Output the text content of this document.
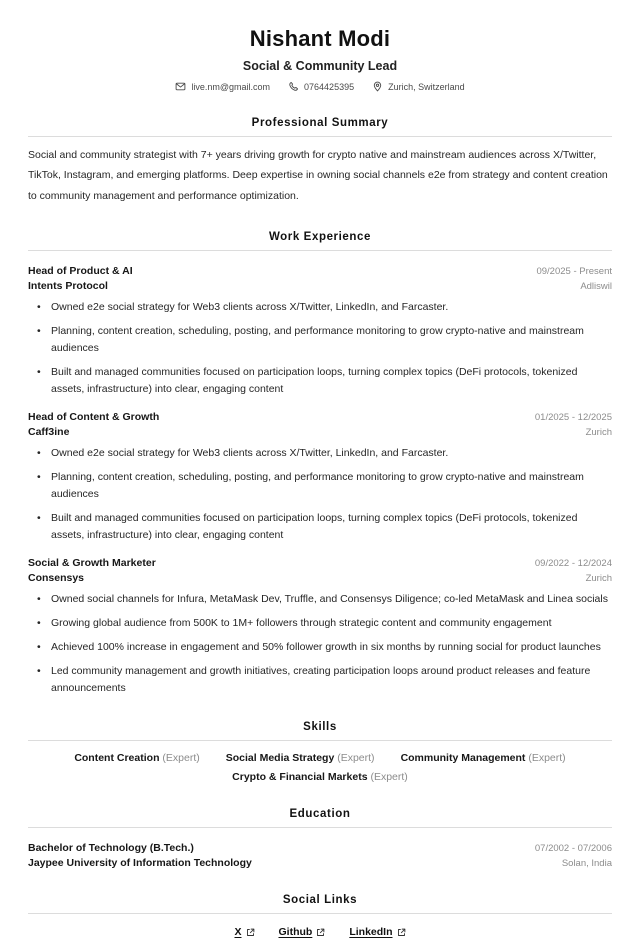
Nishant Modi
Social & Community Lead
live.nm@gmail.com	0764425395	Zurich, Switzerland
Professional Summary

Social and community strategist with 7+ years driving growth for crypto native and mainstream audiences across X/Twitter, TikTok, Instagram, and emerging platforms. Deep expertise in owning social channels e2e from strategy and content creation to community management and performance optimization.

Work Experience
Head of Product & AI	09/2025 - Present
Intents Protocol	Adliswil
• Owned e2e social strategy for Web3 clients across X/Twitter, LinkedIn, and Farcaster.
• Planning, content creation, scheduling, posting, and performance monitoring to grow crypto-native and mainstream audiences
• Built and managed communities focused on participation loops, turning complex topics (DeFi protocols, tokenized assets, infrastructure) into clear, engaging content
Head of Content & Growth	01/2025 - 12/2025
Caff3ine	Zurich
• Owned e2e social strategy for Web3 clients across X/Twitter, LinkedIn, and Farcaster.
• Planning, content creation, scheduling, posting, and performance monitoring to grow crypto-native and mainstream audiences
• Built and managed communities focused on participation loops, turning complex topics (DeFi protocols, tokenized assets, infrastructure) into clear, engaging content
Social & Growth Marketer	09/2022 - 12/2024
Consensys	Zurich
• Owned social channels for Infura, MetaMask Dev, Truffle, and Consensys Diligence; co-led MetaMask and Linea socials
• Growing global audience from 500K to 1M+ followers through strategic content and community engagement
• Achieved 100% increase in engagement and 50% follower growth in six months by running social for product launches
• Led community management and growth initiatives, creating participation loops around product releases and feature announcements
Skills
Content Creation (Expert) Social Media Strategy (Expert) Community Management (Expert)
Crypto & Financial Markets (Expert)
Education
Bachelor of Technology (B.Tech.)	07/2002 - 07/2006
Jaypee University of Information Technology	Solan, India
Social Links
X	Github	LinkedIn
